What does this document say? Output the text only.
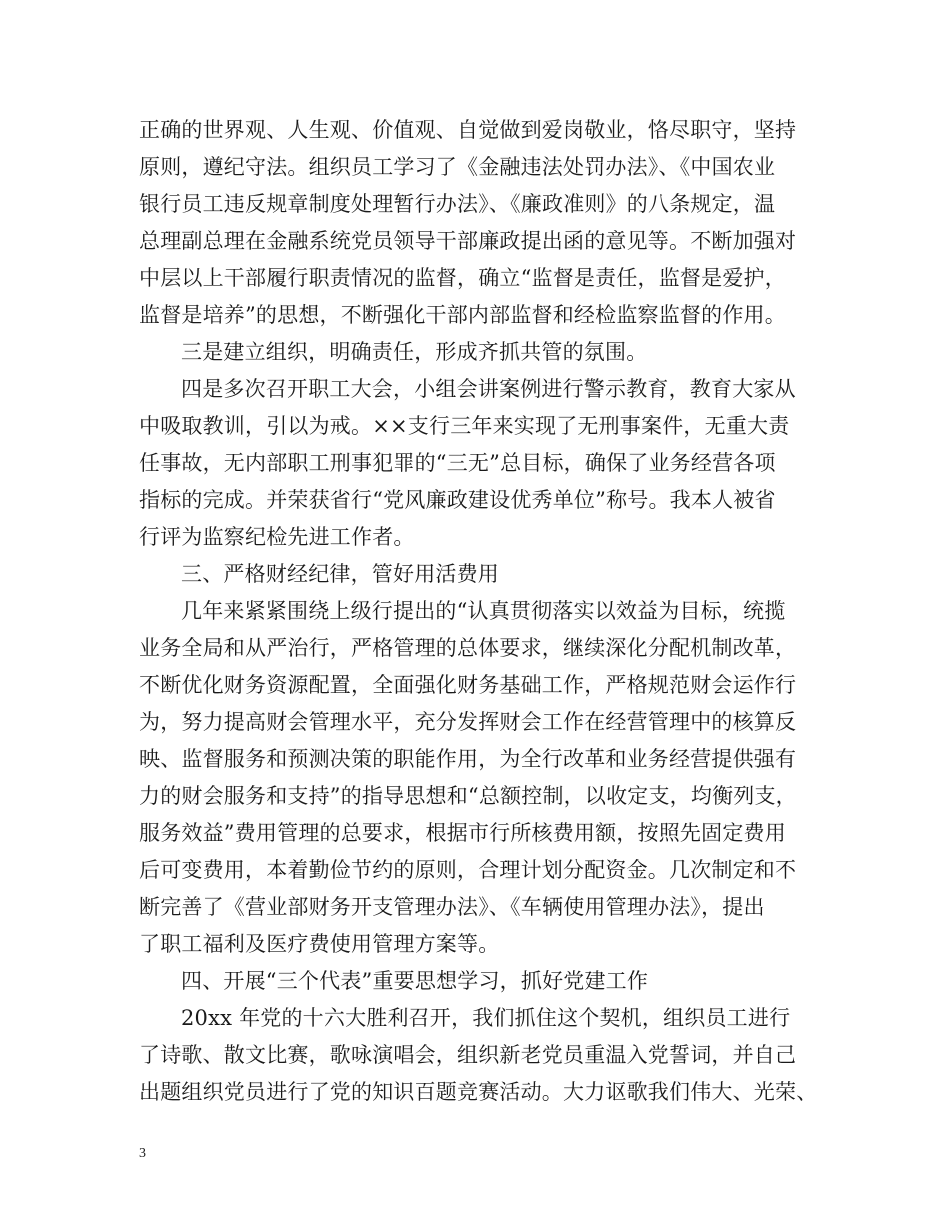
正确的世界观、人生观、价值观、自觉做到爱岗敬业，恪尽职守，坚持
原则，遵纪守法。组织员工学习了《金融违法处罚办法》、《中国农业
银行员工违反规章制度处理暂行办法》、《廉政准则》的八条规定，温
总理副总理在金融系统党员领导干部廉政提出函的意见等。不断加强对
中层以上干部履行职责情况的监督，确立“监督是责任，监督是爱护，
监督是培养”的思想，不断强化干部内部监督和经检监察监督的作用。
三是建立组织，明确责任，形成齐抓共管的氛围。
四是多次召开职工大会，小组会讲案例进行警示教育，教育大家从
中吸取教训，引以为戒。××支行三年来实现了无刑事案件，无重大责
任事故，无内部职工刑事犯罪的“三无”总目标，确保了业务经营各项
指标的完成。并荣获省行“党风廉政建设优秀单位”称号。我本人被省
行评为监察纪检先进工作者。
三、严格财经纪律，管好用活费用
几年来紧紧围绕上级行提出的“认真贯彻落实以效益为目标，统揽
业务全局和从严治行，严格管理的总体要求，继续深化分配机制改革，
不断优化财务资源配置，全面强化财务基础工作，严格规范财会运作行
为，努力提高财会管理水平，充分发挥财会工作在经营管理中的核算反
映、监督服务和预测决策的职能作用，为全行改革和业务经营提供强有
力的财会服务和支持”的指导思想和“总额控制，以收定支，均衡列支，
服务效益”费用管理的总要求，根据市行所核费用额，按照先固定费用
后可变费用，本着勤俭节约的原则，合理计划分配资金。几次制定和不
断完善了《营业部财务开支管理办法》、《车辆使用管理办法》，提出
了职工福利及医疗费使用管理方案等。
四、开展“三个代表”重要思想学习，抓好党建工作
20xx 年党的十六大胜利召开，我们抓住这个契机，组织员工进行
了诗歌、散文比赛，歌咏演唱会，组织新老党员重温入党誓词，并自己
出题组织党员进行了党的知识百题竞赛活动。大力讴歌我们伟大、光荣、
3
